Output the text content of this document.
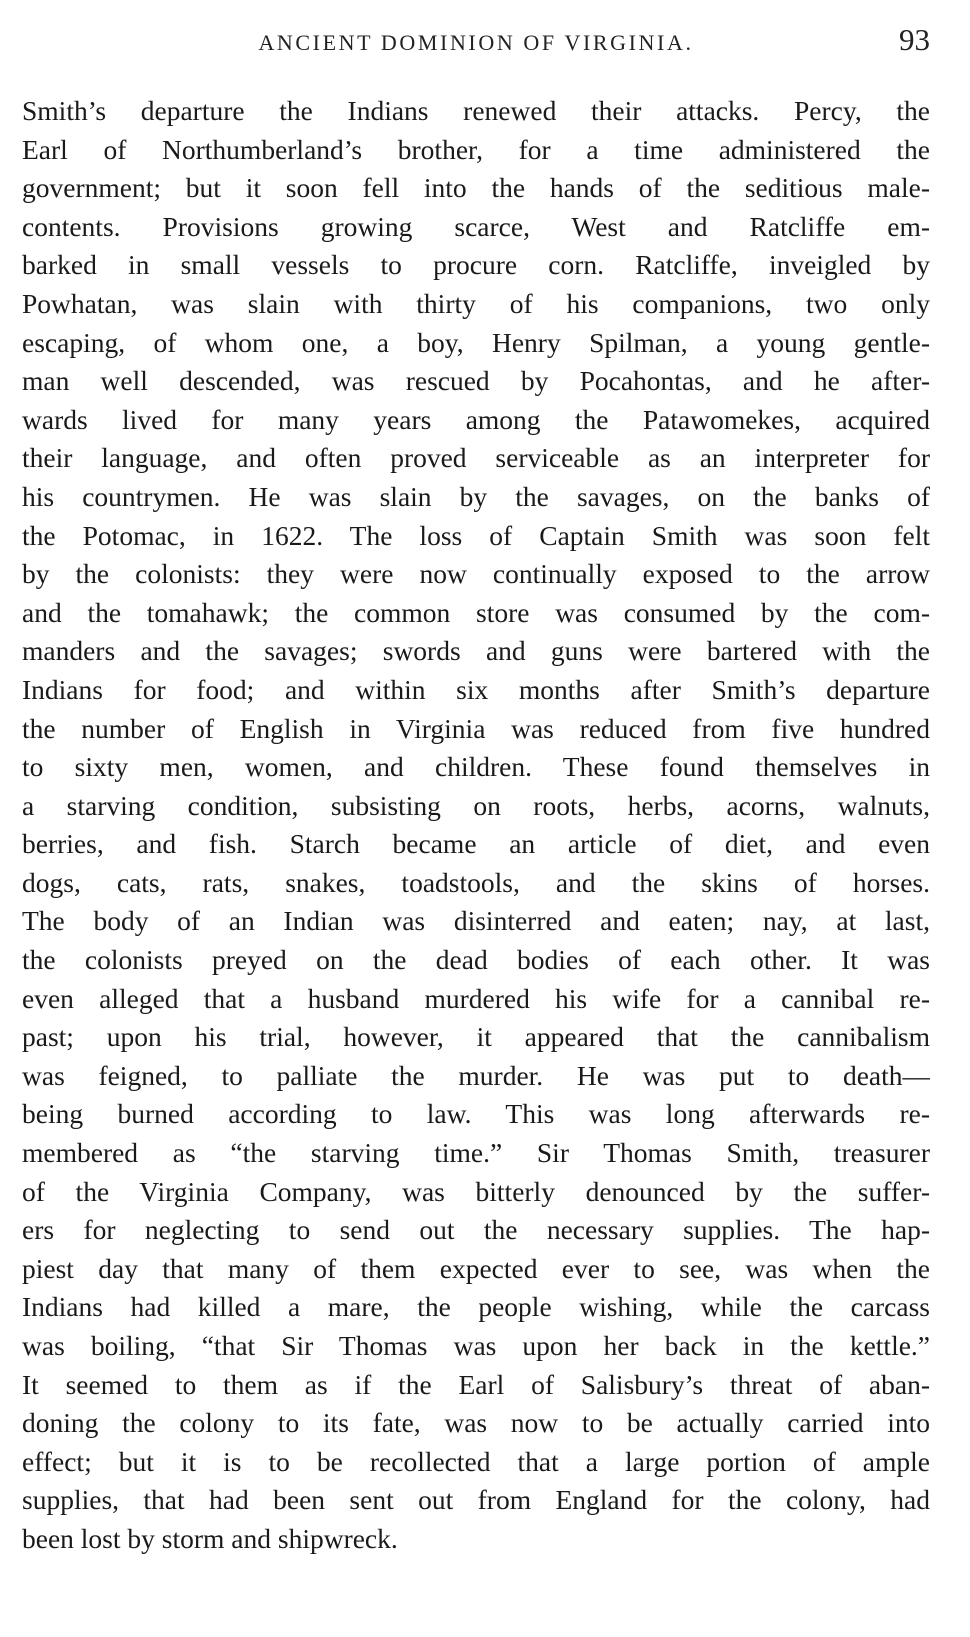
ANCIENT DOMINION OF VIRGINIA.	93
Smith’s departure the Indians renewed their attacks. Percy, the
Earl of Northumberland’s brother, for a time administered the
government; but it soon fell into the hands of the seditious male-
contents. Provisions growing scarce, West and Ratcliffe em-
barked in small vessels to procure corn. Ratcliffe, inveigled by
Powhatan, was slain with thirty of his companions, two only
escaping, of whom one, a boy, Henry Spilman, a young gentle-
man well descended, was rescued by Pocahontas, and he after-
wards lived for many years among the Patawomekes, acquired
their language, and often proved serviceable as an interpreter for
his countrymen. He was slain by the savages, on the banks of
the Potomac, in 1622. The loss of Captain Smith was soon felt
by the colonists: they were now continually exposed to the arrow
and the tomahawk; the common store was consumed by the com-
manders and the savages; swords and guns were bartered with the
Indians for food; and within six months after Smith’s departure
the number of English in Virginia was reduced from five hundred
to sixty men, women, and children. These found themselves in
a starving condition, subsisting on roots, herbs, acorns, walnuts,
berries, and fish. Starch became an article of diet, and even
dogs, cats, rats, snakes, toadstools, and the skins of horses.
The body of an Indian was disinterred and eaten; nay, at last,
the colonists preyed on the dead bodies of each other. It was
even alleged that a husband murdered his wife for a cannibal re-
past; upon his trial, however, it appeared that the cannibalism
was feigned, to palliate the murder. He was put to death—
being burned according to law. This was long afterwards re-
membered as “the starving time.” Sir Thomas Smith, treasurer
of the Virginia Company, was bitterly denounced by the suffer-
ers for neglecting to send out the necessary supplies. The hap-
piest day that many of them expected ever to see, was when the
Indians had killed a mare, the people wishing, while the carcass
was boiling, “that Sir Thomas was upon her back in the kettle.”
It seemed to them as if the Earl of Salisbury’s threat of aban-
doning the colony to its fate, was now to be actually carried into
effect; but it is to be recollected that a large portion of ample
supplies, that had been sent out from England for the colony, had
been lost by storm and shipwreck.
